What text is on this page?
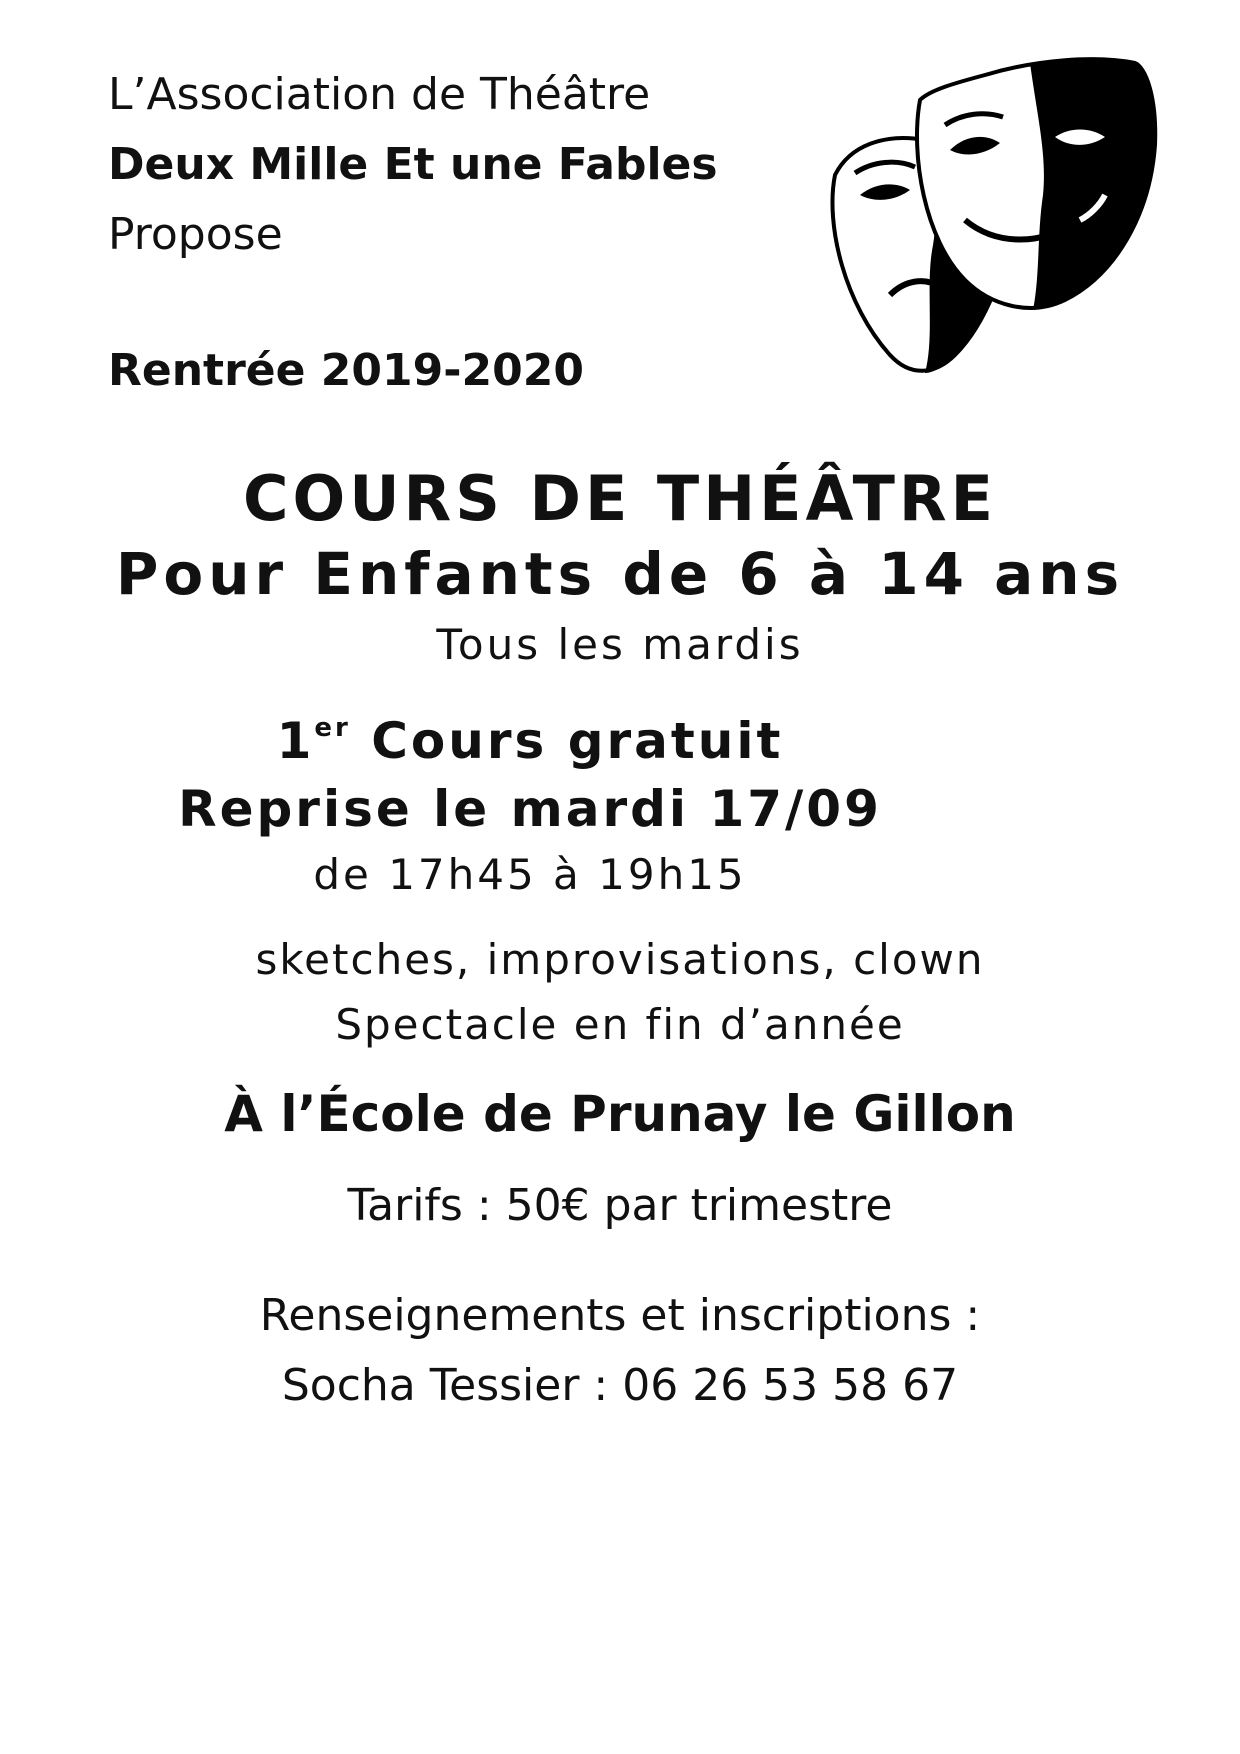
L’Association de Théâtre
Deux Mille Et une Fables
Propose
Rentrée 2019-2020
COURS DE THÉÂTRE
Pour Enfants de 6 à 14 ans
Tous les mardis
1er Cours gratuit
Reprise le mardi 17/09
de 17h45 à 19h15
sketches, improvisations, clown
Spectacle en fin d’année
À l’École de Prunay le Gillon
Tarifs : 50€ par trimestre
Renseignements et inscriptions :
Socha Tessier : 06 26 53 58 67
